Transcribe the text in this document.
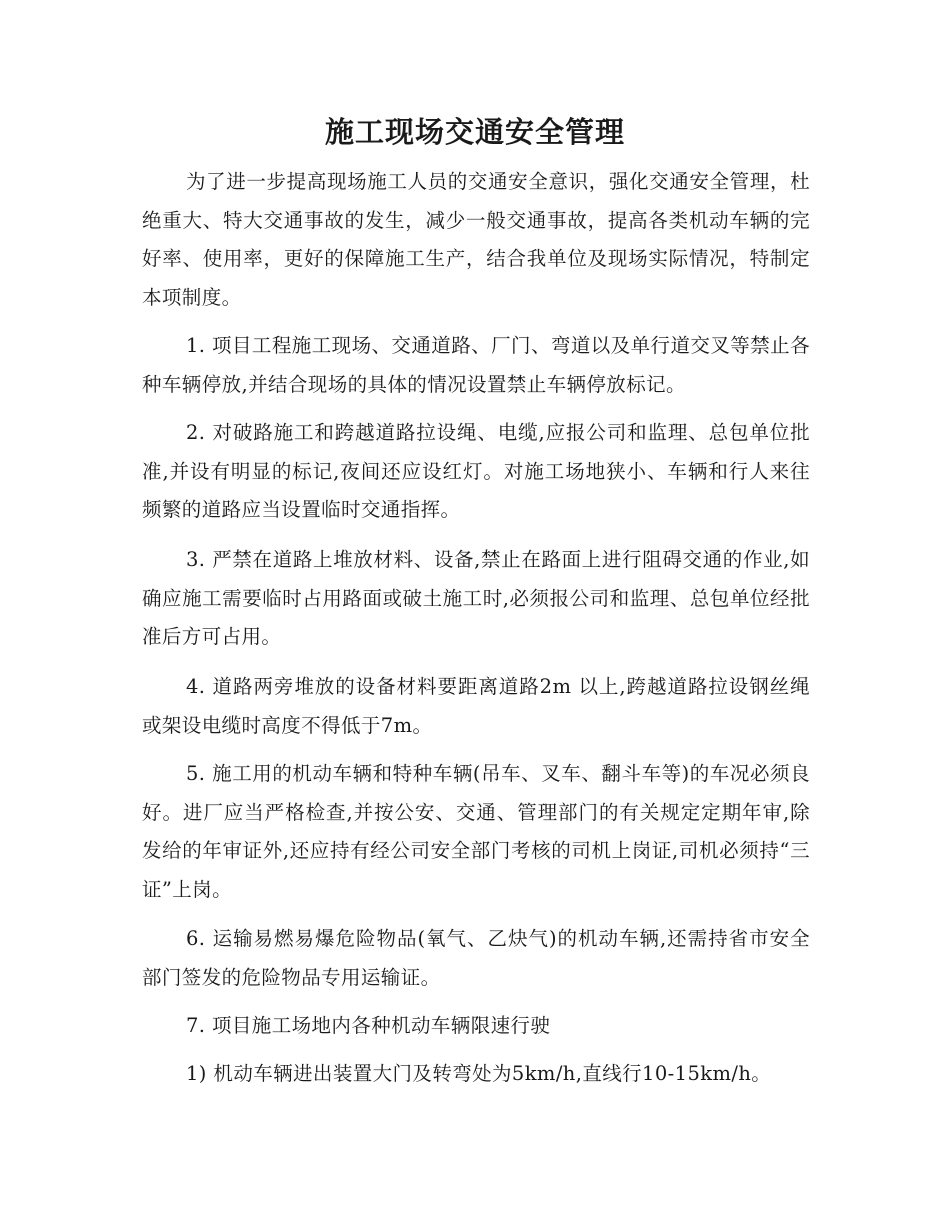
施工现场交通安全管理
为了进一步提高现场施工人员的交通安全意识，强化交通安全管理，杜绝重大、特大交通事故的发生，减少一般交通事故，提高各类机动车辆的完好率、使用率，更好的保障施工生产，结合我单位及现场实际情况，特制定本项制度。
1. 项目工程施工现场、交通道路、厂门、弯道以及单行道交叉等禁止各种车辆停放,并结合现场的具体的情况设置禁止车辆停放标记。
2. 对破路施工和跨越道路拉设绳、电缆,应报公司和监理、总包单位批准,并设有明显的标记,夜间还应设红灯。对施工场地狭小、车辆和行人来往频繁的道路应当设置临时交通指挥。
3. 严禁在道路上堆放材料、设备,禁止在路面上进行阻碍交通的作业,如确应施工需要临时占用路面或破土施工时,必须报公司和监理、总包单位经批准后方可占用。
4. 道路两旁堆放的设备材料要距离道路2m 以上,跨越道路拉设钢丝绳或架设电缆时高度不得低于7m。
5. 施工用的机动车辆和特种车辆(吊车、叉车、翻斗车等)的车况必须良好。进厂应当严格检查,并按公安、交通、管理部门的有关规定定期年审,除发给的年审证外,还应持有经公司安全部门考核的司机上岗证,司机必须持“三证”上岗。
6. 运输易燃易爆危险物品(氧气、乙炔气)的机动车辆,还需持省市安全部门签发的危险物品专用运输证。
7. 项目施工场地内各种机动车辆限速行驶
1) 机动车辆进出装置大门及转弯处为5km/h,直线行10-15km/h。
